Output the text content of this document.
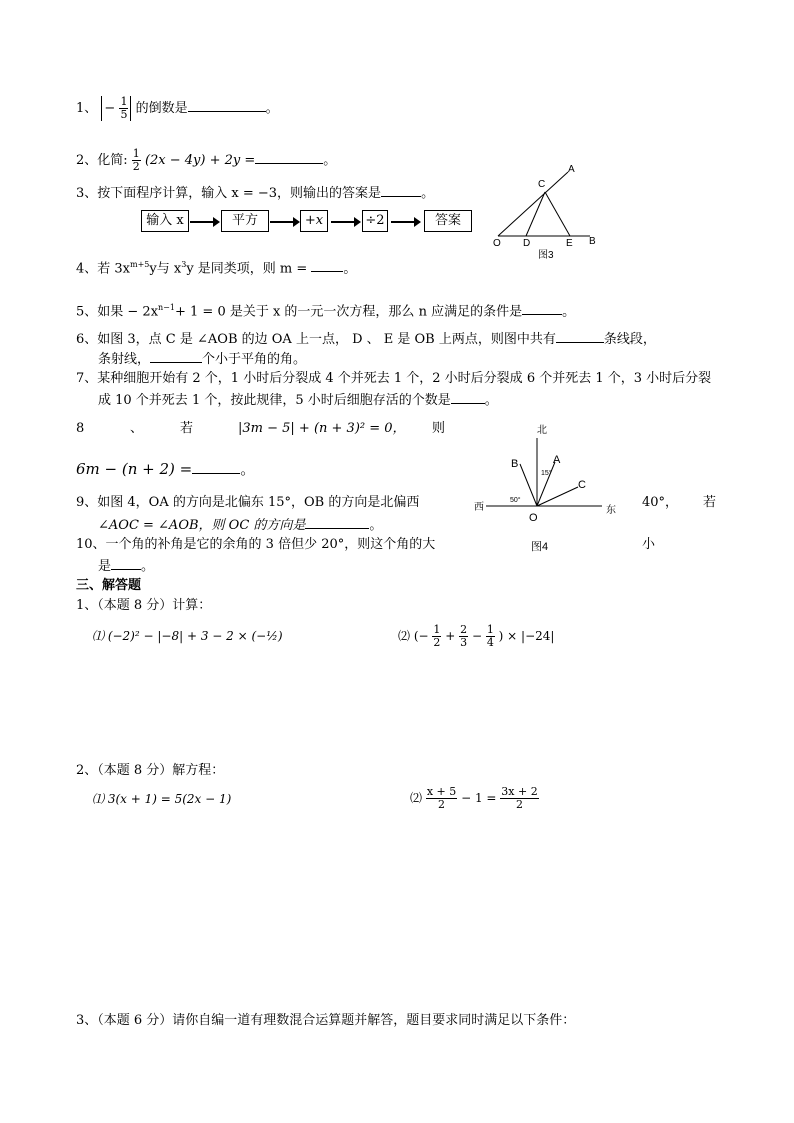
1、 − $\frac{1}{5}$ 的倒数是	。
2、化简: $\frac{1}{2} (2x - 4y) + 2y$ =	。
3、按下面程序计算，输入 x = −3，则输出的答案是	。
输入 x	平方	+x	÷2	答案
A
C
O D	E B
图3
4、若 $3x^{m+5}y$与 $x^3y$ 是同类项，则 m =	。
5、如果 − $2x^{n-1}+ 1 = 0$ 是关于 x 的一元一次方程，那么 n 应满足的条件是	。
6、如图 3，点 C 是 ∠AOB 的边 OA 上一点， D 、 E 是 OB 上两点，则图中共有	条线段，
条射线，	个小于平角的角。
7、某种细胞开始有 2 个，1 小时后分裂成 4 个并死去 1 个，2 小时后分裂成 6 个并死去 1 个，3 小时后分裂
成 10 个并死去 1 个，按此规律，5 小时后细胞存活的个数是	。
8	、	若	|3m − 5| + (n + 3)² = 0， 则
6m − (n + 2) =	。
北
西	东
O
A
B
C
15°
50°
图4
9、如图 4，OA 的方向是北偏东 15°，OB 的方向是北偏西	40°， 若
∠AOC = ∠AOB，则 OC 的方向是	。
10、一个角的补角是它的余角的 3 倍但少 20°，则这个角的大	小
是 。
三、解答题
1、（本题 8 分）计算：
⑴ (−2)² − |−8| + 3 − 2 × (−½)	⑵ (− $\frac{1}{2} + \frac{2}{3} - \frac{1}{4}$ ) × |−24|
2、（本题 8 分）解方程：
⑴ 3(x + 1) = 5(2x − 1)	⑵ $\frac{x + 5}{2} - 1 = \frac{3x + 2}{2}$
3、（本题 6 分）请你自编一道有理数混合运算题并解答，题目要求同时满足以下条件：
